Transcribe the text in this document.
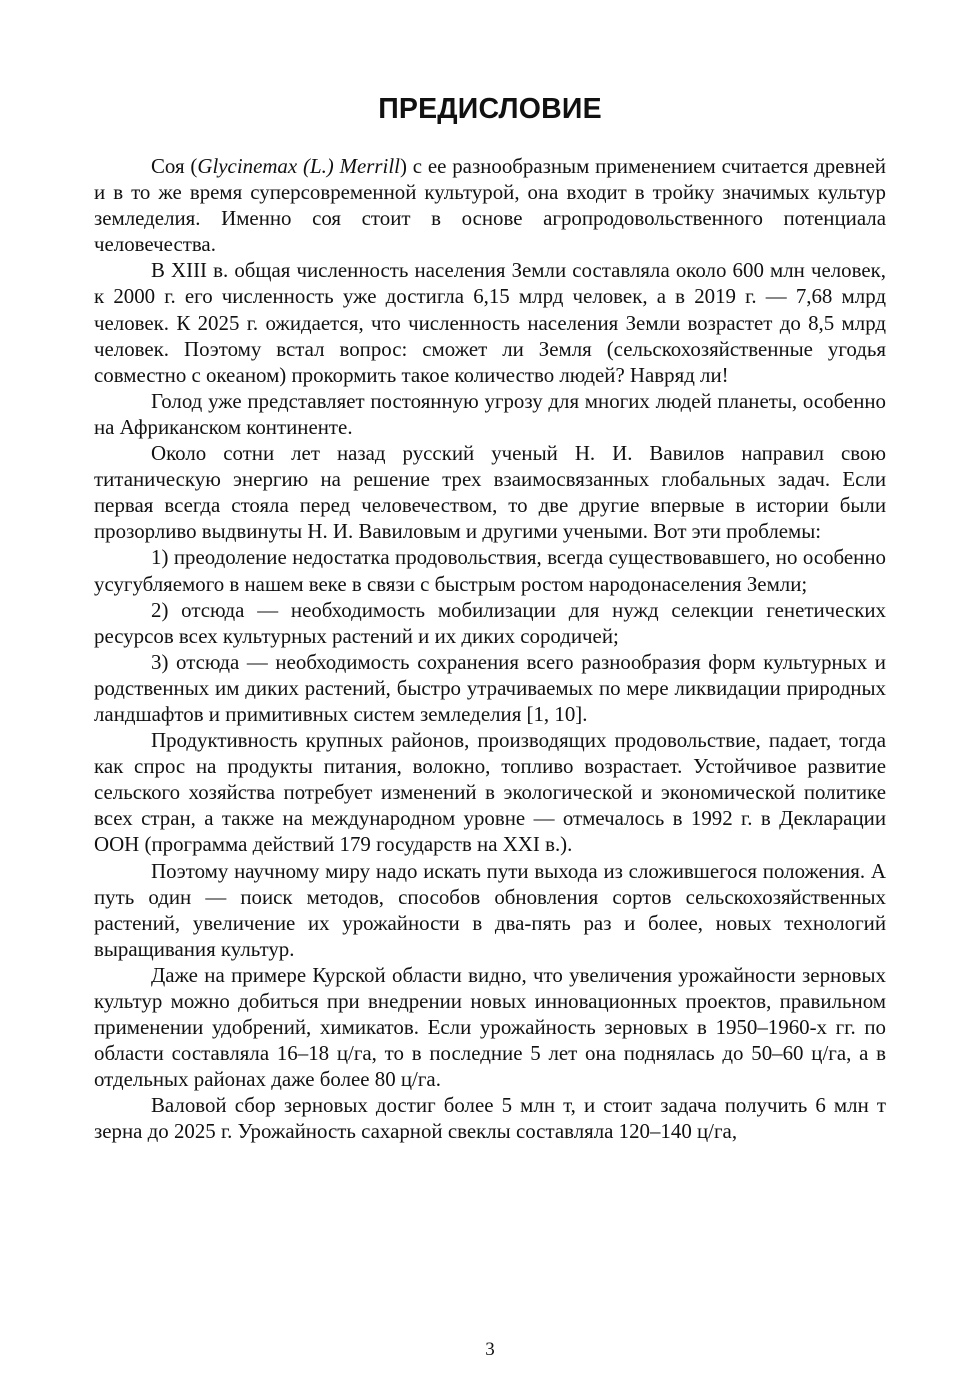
ПРЕДИСЛОВИЕ

Соя (Glycinemax (L.) Merrill) с ее разнообразным применением считается древней и в то же время суперсовременной культурой, она входит в тройку значимых культур земледелия. Именно соя стоит в основе агропродовольственного потенциала человечества.

В XIII в. общая численность населения Земли составляла около 600 млн человек, к 2000 г. его численность уже достигла 6,15 млрд человек, а в 2019 г. — 7,68 млрд человек. К 2025 г. ожидается, что численность населения Земли возрастет до 8,5 млрд человек. Поэтому встал вопрос: сможет ли Земля (сельскохозяйственные угодья совместно с океаном) прокормить такое количество людей? Навряд ли!

Голод уже представляет постоянную угрозу для многих людей планеты, особенно на Африканском континенте.

Около сотни лет назад русский ученый Н. И. Вавилов направил свою титаническую энергию на решение трех взаимосвязанных глобальных задач. Если первая всегда стояла перед человечеством, то две другие впервые в истории были прозорливо выдвинуты Н. И. Вавиловым и другими учеными. Вот эти проблемы:

1) преодоление недостатка продовольствия, всегда существовавшего, но особенно усугубляемого в нашем веке в связи с быстрым ростом народонаселения Земли;

2) отсюда — необходимость мобилизации для нужд селекции генетических ресурсов всех культурных растений и их диких сородичей;

3) отсюда — необходимость сохранения всего разнообразия форм культурных и родственных им диких растений, быстро утрачиваемых по мере ликвидации природных ландшафтов и примитивных систем земледелия [1, 10].

Продуктивность крупных районов, производящих продовольствие, падает, тогда как спрос на продукты питания, волокно, топливо возрастает. Устойчивое развитие сельского хозяйства потребует изменений в экологической и экономической политике всех стран, а также на международном уровне — отмечалось в 1992 г. в Декларации ООН (программа действий 179 государств на XXI в.).

Поэтому научному миру надо искать пути выхода из сложившегося положения. А путь один — поиск методов, способов обновления сортов сельскохозяйственных растений, увеличение их урожайности в два-пять раз и более, новых технологий выращивания культур.

Даже на примере Курской области видно, что увеличения урожайности зерновых культур можно добиться при внедрении новых инновационных проектов, правильном применении удобрений, химикатов. Если урожайность зерновых в 1950–1960-х гг. по области составляла 16–18 ц/га, то в последние 5 лет она поднялась до 50–60 ц/га, а в отдельных районах даже более 80 ц/га.

Валовой сбор зерновых достиг более 5 млн т, и стоит задача получить 6 млн т зерна до 2025 г. Урожайность сахарной свеклы составляла 120–140 ц/га,

3
